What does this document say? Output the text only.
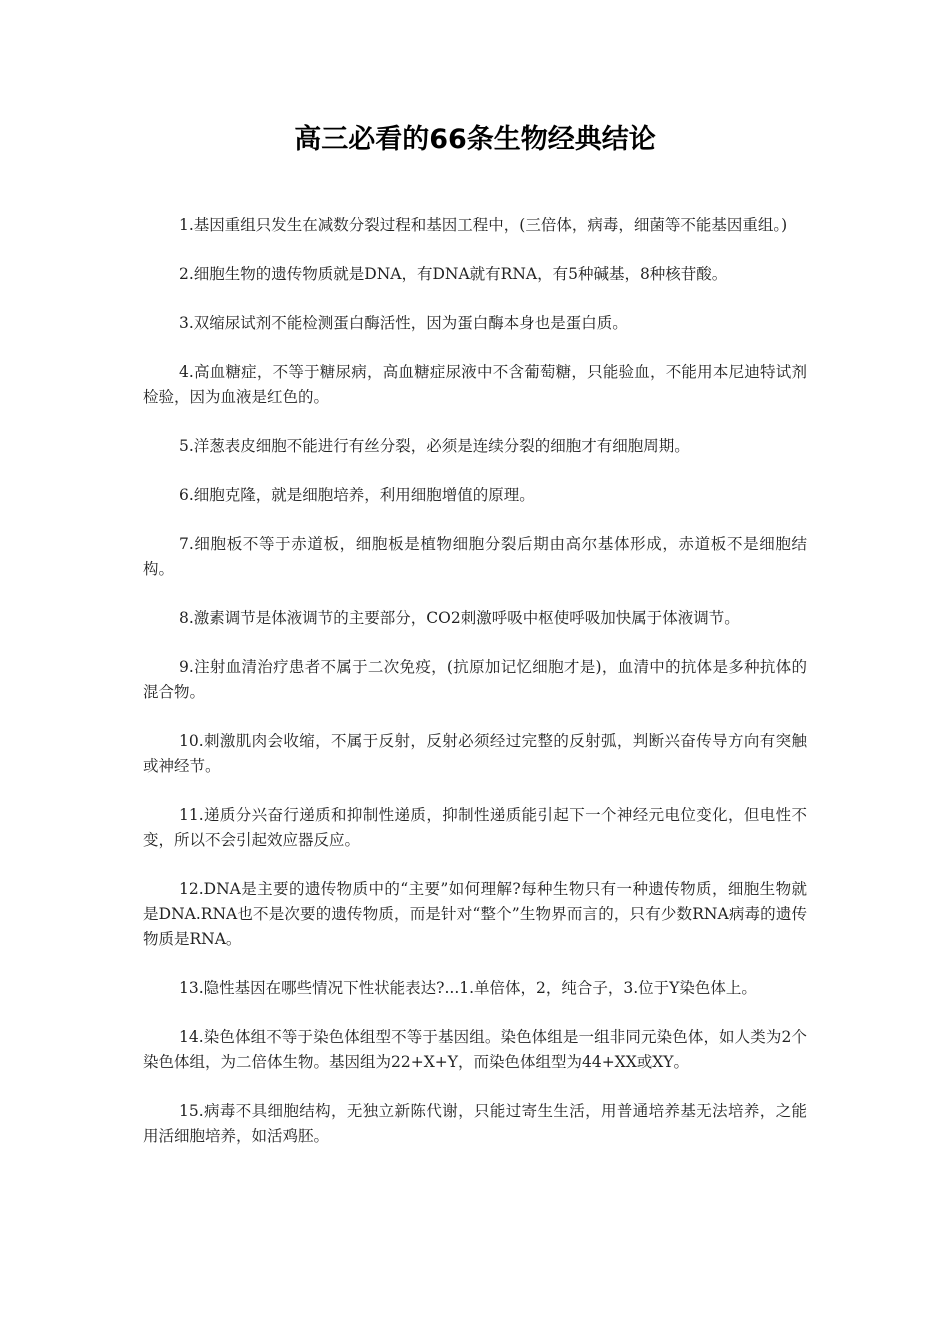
高三必看的66条生物经典结论

1.基因重组只发生在减数分裂过程和基因工程中，(三倍体，病毒，细菌等不能基因重组。)

2.细胞生物的遗传物质就是DNA，有DNA就有RNA，有5种碱基，8种核苷酸。

3.双缩尿试剂不能检测蛋白酶活性，因为蛋白酶本身也是蛋白质。

4.高血糖症，不等于糖尿病，高血糖症尿液中不含葡萄糖，只能验血，不能用本尼迪特试剂检验，因为血液是红色的。

5.洋葱表皮细胞不能进行有丝分裂，必须是连续分裂的细胞才有细胞周期。

6.细胞克隆，就是细胞培养，利用细胞增值的原理。

7.细胞板不等于赤道板，细胞板是植物细胞分裂后期由高尔基体形成，赤道板不是细胞结构。

8.激素调节是体液调节的主要部分，CO2刺激呼吸中枢使呼吸加快属于体液调节。

9.注射血清治疗患者不属于二次免疫，(抗原加记忆细胞才是)，血清中的抗体是多种抗体的混合物。

10.刺激肌肉会收缩，不属于反射，反射必须经过完整的反射弧，判断兴奋传导方向有突触或神经节。

11.递质分兴奋行递质和抑制性递质，抑制性递质能引起下一个神经元电位变化，但电性不变，所以不会引起效应器反应。

12.DNA是主要的遗传物质中的“主要”如何理解?每种生物只有一种遗传物质，细胞生物就是DNA.RNA也不是次要的遗传物质，而是针对“整个”生物界而言的，只有少数RNA病毒的遗传物质是RNA。

13.隐性基因在哪些情况下性状能表达?...1.单倍体，2，纯合子，3.位于Y染色体上。

14.染色体组不等于染色体组型不等于基因组。染色体组是一组非同元染色体，如人类为2个染色体组，为二倍体生物。基因组为22+X+Y，而染色体组型为44+XX或XY。

15.病毒不具细胞结构，无独立新陈代谢，只能过寄生生活，用普通培养基无法培养，之能用活细胞培养，如活鸡胚。
